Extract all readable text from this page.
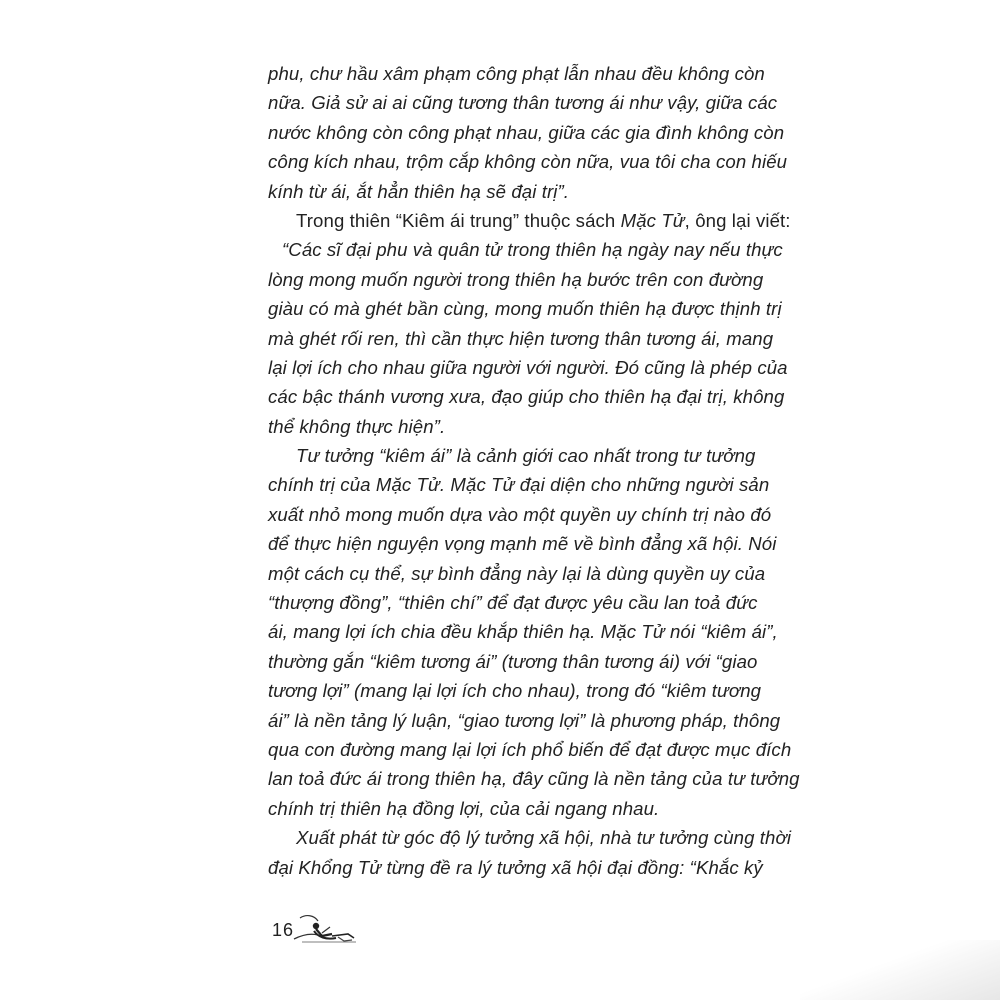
phu, chư hầu xâm phạm công phạt lẫn nhau đều không còn
nữa. Giả sử ai ai cũng tương thân tương ái như vậy, giữa các
nước không còn công phạt nhau, giữa các gia đình không còn
công kích nhau, trộm cắp không còn nữa, vua tôi cha con hiếu
kính từ ái, ắt hẳn thiên hạ sẽ đại trị”.
Trong thiên “Kiêm ái trung” thuộc sách Mặc Tử, ông lại viết:
“Các sĩ đại phu và quân tử trong thiên hạ ngày nay nếu thực
lòng mong muốn người trong thiên hạ bước trên con đường
giàu có mà ghét bần cùng, mong muốn thiên hạ được thịnh trị
mà ghét rối ren, thì cần thực hiện tương thân tương ái, mang
lại lợi ích cho nhau giữa người với người. Đó cũng là phép của
các bậc thánh vương xưa, đạo giúp cho thiên hạ đại trị, không
thể không thực hiện”.
Tư tưởng “kiêm ái” là cảnh giới cao nhất trong tư tưởng
chính trị của Mặc Tử. Mặc Tử đại diện cho những người sản
xuất nhỏ mong muốn dựa vào một quyền uy chính trị nào đó
để thực hiện nguyện vọng mạnh mẽ về bình đẳng xã hội. Nói
một cách cụ thể, sự bình đẳng này lại là dùng quyền uy của
“thượng đồng”, “thiên chí” để đạt được yêu cầu lan toả đức
ái, mang lợi ích chia đều khắp thiên hạ. Mặc Tử nói “kiêm ái”,
thường gắn “kiêm tương ái” (tương thân tương ái) với “giao
tương lợi” (mang lại lợi ích cho nhau), trong đó “kiêm tương
ái” là nền tảng lý luận, “giao tương lợi” là phương pháp, thông
qua con đường mang lại lợi ích phổ biến để đạt được mục đích
lan toả đức ái trong thiên hạ, đây cũng là nền tảng của tư tưởng
chính trị thiên hạ đồng lợi, của cải ngang nhau.
Xuất phát từ góc độ lý tưởng xã hội, nhà tư tưởng cùng thời
đại Khổng Tử từng đề ra lý tưởng xã hội đại đồng: “Khắc kỷ
16
